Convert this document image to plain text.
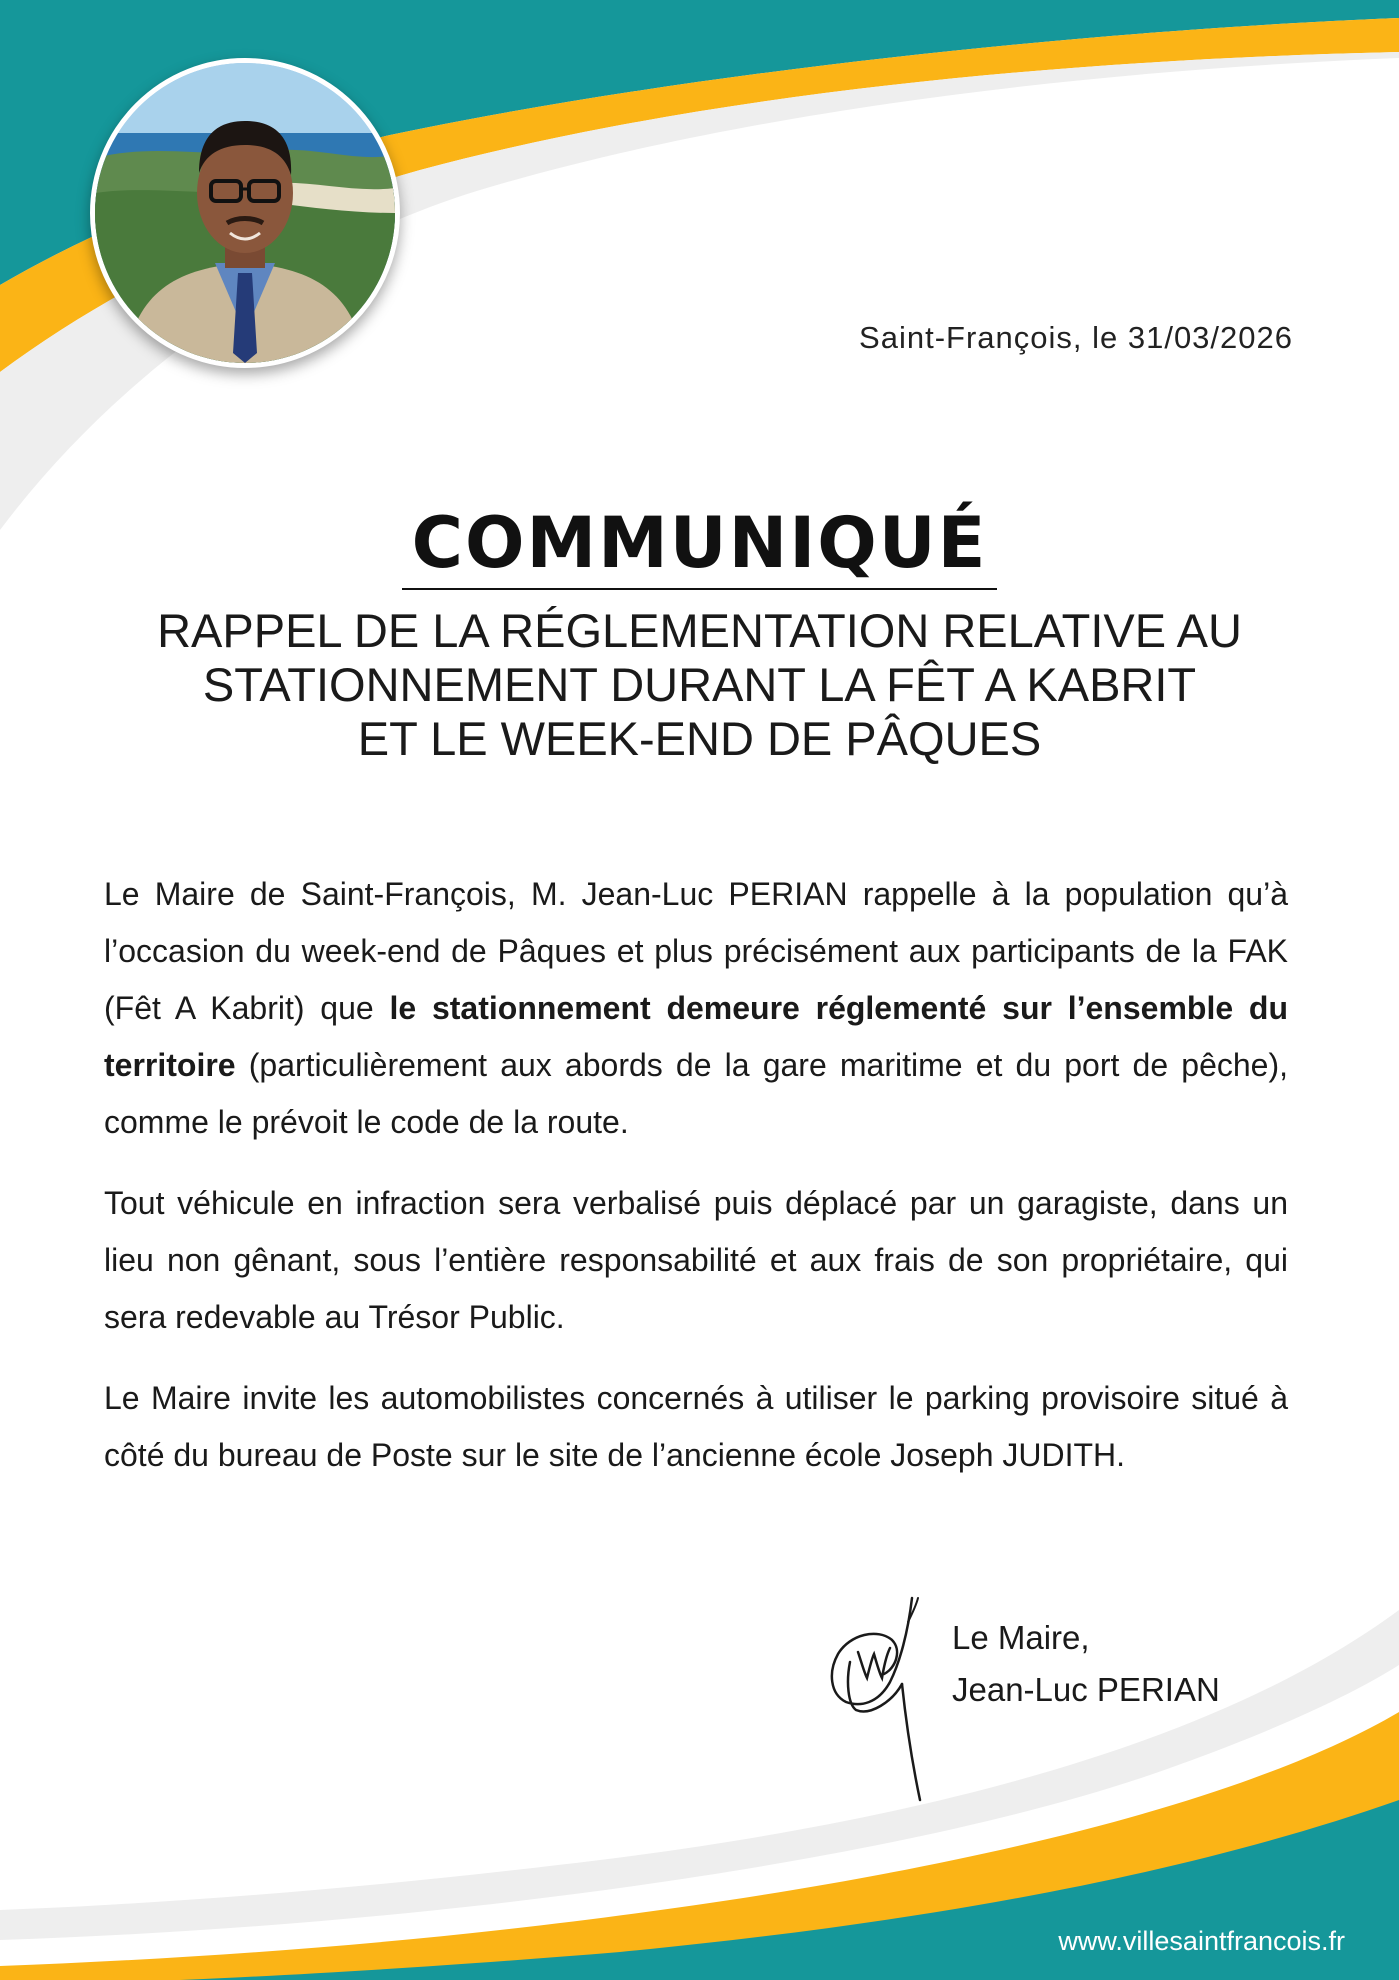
Saint-François, le 31/03/2026
COMMUNIQUÉ
RAPPEL DE LA RÉGLEMENTATION RELATIVE AU
STATIONNEMENT DURANT LA FÊT A KABRIT
ET LE WEEK-END DE PÂQUES

Le Maire de Saint-François, M. Jean-Luc PERIAN rappelle à la population qu’à l’occasion du week-end de Pâques et plus précisément aux participants de la FAK (Fêt A Kabrit) que le stationnement demeure réglementé sur l’ensemble du territoire (particulièrement aux abords de la gare maritime et du port de pêche), comme le prévoit le code de la route.

Tout véhicule en infraction sera verbalisé puis déplacé par un garagiste, dans un lieu non gênant, sous l’entière responsabilité et aux frais de son propriétaire, qui sera redevable au Trésor Public.

Le Maire invite les automobilistes concernés à utiliser le parking provisoire situé à côté du bureau de Poste sur le site de l’ancienne école Joseph JUDITH.

Le Maire,
Jean-Luc PERIAN
www.villesaintfrancois.fr
